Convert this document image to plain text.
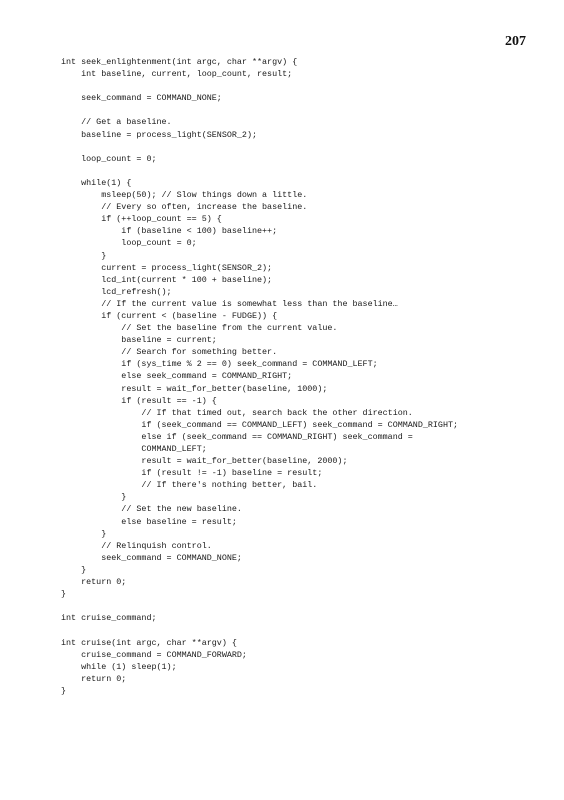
207

int seek_enlightenment(int argc, char **argv) {
int baseline, current, loop_count, result;
seek_command = COMMAND_NONE;
// Get a baseline.
baseline = process_light(SENSOR_2);
loop_count = 0;
while(1) {
msleep(50); // Slow things down a little.
// Every so often, increase the baseline.
if (++loop_count == 5) {
if (baseline < 100) baseline++;
loop_count = 0;
}
current = process_light(SENSOR_2);
lcd_int(current * 100 + baseline);
lcd_refresh();
// If the current value is somewhat less than the baseline…
if (current < (baseline - FUDGE)) {
// Set the baseline from the current value.
baseline = current;
// Search for something better.
if (sys_time % 2 == 0) seek_command = COMMAND_LEFT;
else seek_command = COMMAND_RIGHT;
result = wait_for_better(baseline, 1000);
if (result == -1) {
// If that timed out, search back the other direction.
if (seek_command == COMMAND_LEFT) seek_command = COMMAND_RIGHT;
else if (seek_command == COMMAND_RIGHT) seek_command =
COMMAND_LEFT;
result = wait_for_better(baseline, 2000);
if (result != -1) baseline = result;
// If there's nothing better, bail.
}
// Set the new baseline.
else baseline = result;
}
// Relinquish control.
seek_command = COMMAND_NONE;
}
return 0;
}
int cruise_command;
int cruise(int argc, char **argv) {
cruise_command = COMMAND_FORWARD;
while (1) sleep(1);
return 0;
}
